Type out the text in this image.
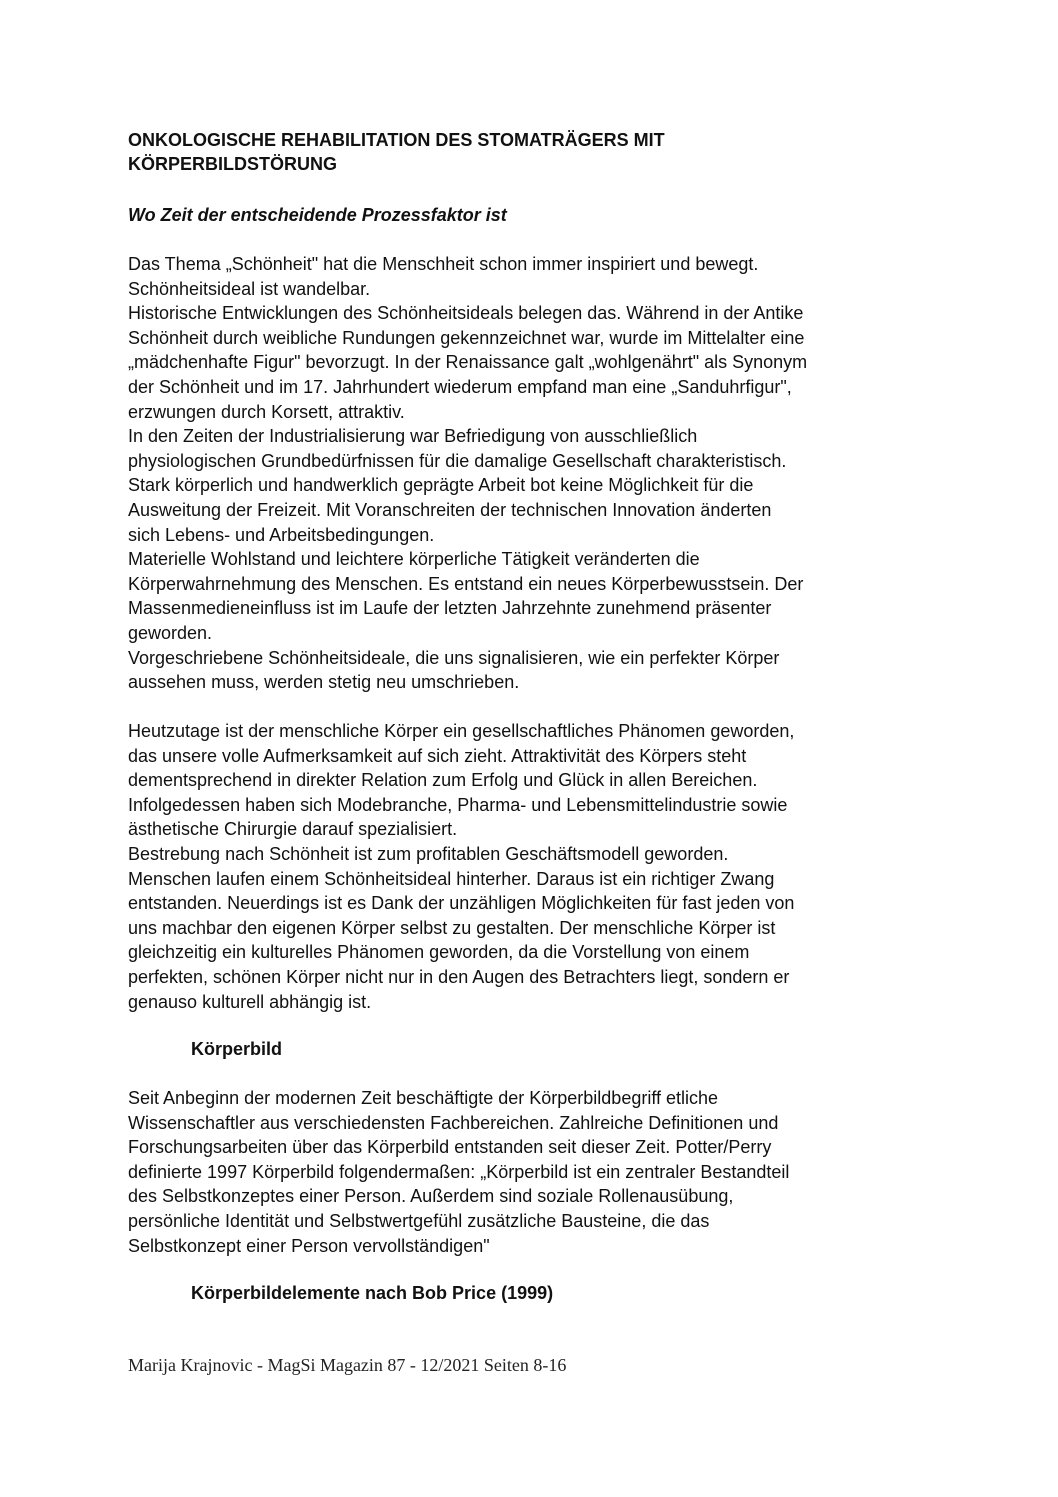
ONKOLOGISCHE REHABILITATION DES STOMATRÄGERS MIT
KÖRPERBILDSTÖRUNG

Wo Zeit der entscheidende Prozessfaktor ist

Das Thema „Schönheit" hat die Menschheit schon immer inspiriert und bewegt.
Schönheitsideal ist wandelbar.
Historische Entwicklungen des Schönheitsideals belegen das. Während in der Antike
Schönheit durch weibliche Rundungen gekennzeichnet war, wurde im Mittelalter eine
„mädchenhafte Figur" bevorzugt. In der Renaissance galt „wohlgenährt" als Synonym
der Schönheit und im 17. Jahrhundert wiederum empfand man eine „Sanduhrfigur",
erzwungen durch Korsett, attraktiv.
In den Zeiten der Industrialisierung war Befriedigung von ausschließlich
physiologischen Grundbedürfnissen für die damalige Gesellschaft charakteristisch.
Stark körperlich und handwerklich geprägte Arbeit bot keine Möglichkeit für die
Ausweitung der Freizeit. Mit Voranschreiten der technischen Innovation änderten
sich Lebens- und Arbeitsbedingungen.
Materielle Wohlstand und leichtere körperliche Tätigkeit veränderten die
Körperwahrnehmung des Menschen. Es entstand ein neues Körperbewusstsein. Der
Massenmedieneinfluss ist im Laufe der letzten Jahrzehnte zunehmend präsenter
geworden.
Vorgeschriebene Schönheitsideale, die uns signalisieren, wie ein perfekter Körper
aussehen muss, werden stetig neu umschrieben.
Heutzutage ist der menschliche Körper ein gesellschaftliches Phänomen geworden,
das unsere volle Aufmerksamkeit auf sich zieht. Attraktivität des Körpers steht
dementsprechend in direkter Relation zum Erfolg und Glück in allen Bereichen.
Infolgedessen haben sich Modebranche, Pharma- und Lebensmittelindustrie sowie
ästhetische Chirurgie darauf spezialisiert.
Bestrebung nach Schönheit ist zum profitablen Geschäftsmodell geworden.
Menschen laufen einem Schönheitsideal hinterher. Daraus ist ein richtiger Zwang
entstanden. Neuerdings ist es Dank der unzähligen Möglichkeiten für fast jeden von
uns machbar den eigenen Körper selbst zu gestalten. Der menschliche Körper ist
gleichzeitig ein kulturelles Phänomen geworden, da die Vorstellung von einem
perfekten, schönen Körper nicht nur in den Augen des Betrachters liegt, sondern er
genauso kulturell abhängig ist.

Körperbild

Seit Anbeginn der modernen Zeit beschäftigte der Körperbildbegriff etliche
Wissenschaftler aus verschiedensten Fachbereichen. Zahlreiche Definitionen und
Forschungsarbeiten über das Körperbild entstanden seit dieser Zeit. Potter/Perry
definierte 1997 Körperbild folgendermaßen: „Körperbild ist ein zentraler Bestandteil
des Selbstkonzeptes einer Person. Außerdem sind soziale Rollenausübung,
persönliche Identität und Selbstwertgefühl zusätzliche Bausteine, die das
Selbstkonzept einer Person vervollständigen"

Körperbildelemente nach Bob Price (1999)

Marija Krajnovic - MagSi Magazin 87 - 12/2021 Seiten 8-16
